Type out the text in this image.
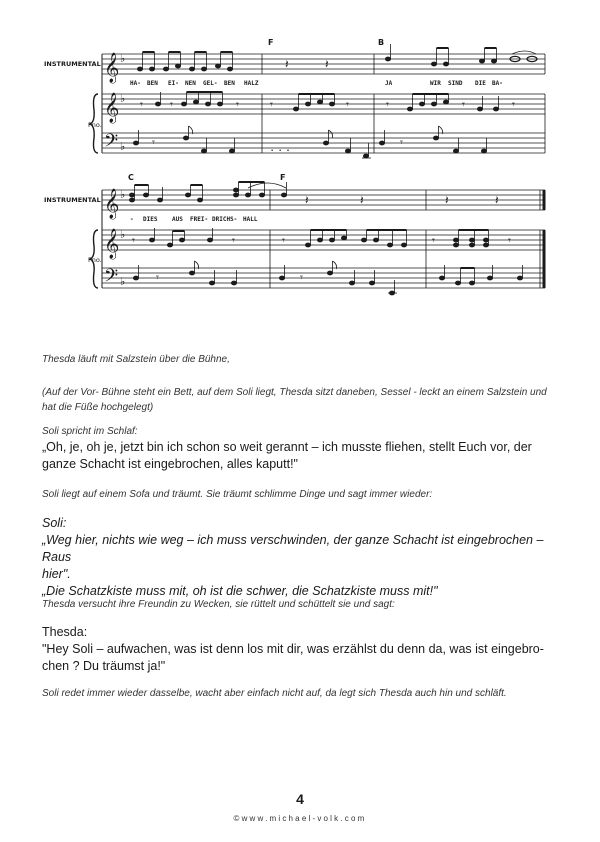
INSTRUMENTAL
Pno.
𝄞
𝄞
𝄢
♭
♭
♭
𝄽	𝄽
F	B
HA- BEN EI- NEN GEL- BEN HALZ	JA	WIR SIND DIE BA-
𝄾 𝄾	𝄾	𝄾	𝄾	𝄾	𝄾	𝄾
𝄾	· · ·	𝄾
INSTRUMENTAL
Pno.
𝄞
𝄞
𝄢
♭
♭
♭
𝄽	𝄽	𝄽	𝄽
C	F
- DIES AUS FREI- DRICHS- HALL
𝄾	𝄾	𝄾	𝄾	𝄾
𝄾	𝄾
Thesda läuft mit Salzstein über die Bühne,
(Auf der Vor- Bühne steht ein Bett, auf dem Soli liegt, Thesda sitzt daneben, Sessel - leckt an einem Salzstein und
hat die Füße hochgelegt)
Soli spricht im Schlaf:
„Oh, je, oh je, jetzt bin ich schon so weit gerannt – ich musste fliehen, stellt Euch vor, der
ganze Schacht ist eingebrochen, alles kaputt!"
Soli liegt auf einem Sofa und träumt. Sie träumt schlimme Dinge und sagt immer wieder:
Soli:
„Weg hier, nichts wie weg – ich muss verschwinden, der ganze Schacht ist eingebrochen –Raus
hier".
„Die Schatzkiste muss mit, oh ist die schwer, die Schatzkiste muss mit!"
Thesda versucht ihre Freundin zu Wecken, sie rüttelt und schüttelt sie und sagt:
Thesda:
"Hey Soli – aufwachen, was ist denn los mit dir, was erzählst du denn da, was ist eingebro-
chen ? Du träumst ja!"
Soli redet immer wieder dasselbe, wacht aber einfach nicht auf, da legt sich Thesda auch hin und schläft.
4
©www.michael-volk.com
